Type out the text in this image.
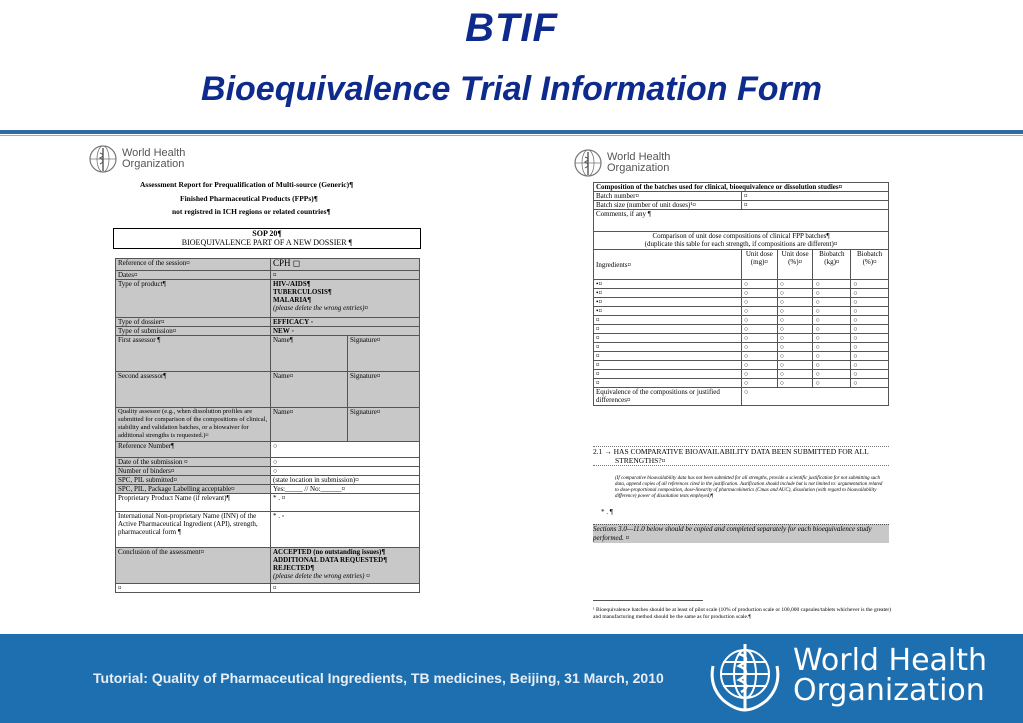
BTIF
Bioequivalence Trial Information Form
World Health
Organization
Assessment Report for Prequalification of Multi-source (Generic)¶
Finished Pharmaceutical Products (FPPs)¶
not registred in ICH regions or related countries¶
SOP 20¶
BIOEQUIVALENCE PART OF A NEW DOSSIER ¶
Reference of the session¤	CPH ◻	
Dates¤	¤	
Type of product¶	HIV-/AIDS¶
TUBERCULOSIS¶
MALARIA¶
(please delete the wrong entries)¤	

Type of dossier¤	EFFICACY ◦	
Type of submission¤	NEW ◦	
First assessor ¶	Name¶	Signature¤
Second assessor¶	Name¤	Signature¤
Quality assessor (e.g., when dissolution profiles are submitted for comparison of the compositions of clinical, stability and validation batches, or a biowaiver for additional strengths is requested.)¤	Name¤	Signature¤
Reference Number¶	○	
Date of the submission ¤	○	
Number of binders¤	○	
SPC, PIL submitted¤	(state location in submission)¤	
SPC, PIL, Package Labelling acceptable¤	Yes:_____ // No:______¤	
Proprietary Product Name (if relevant)¶	* . ¤	
International Non-proprietary Name (INN) of the Active Pharmaceutical Ingredient (API), strength, pharmaceutical form ¶	* . ◦	
Conclusion of the assessment¤	ACCEPTED (no outstanding issues)¶
ADDITIONAL DATA REQUESTED¶
REJECTED¶
(please delete the wrong entries) ¤	

¤	¤	
World Health
Organization
Composition of the batches used for clinical, bioequivalence or dissolution studies¤				
Batch number¤	¤			
Batch size (number of unit doses)¹¤	¤			
Comments, if any ¶				

Comparison of unit dose compositions of clinical FPP batches¶
(duplicate this table for each strength, if compositions are different)¤				

Ingredients¤	Unit dose (mg)¤	Unit dose (%)¤	Biobatch (kg)¤	Biobatch (%)¤
•¤	○	○	○	○
•¤	○	○	○	○
•¤	○	○	○	○
•¤	○	○	○	○
¤	○	○	○	○
¤	○	○	○	○
¤	○	○	○	○
¤	○	○	○	○
¤	○	○	○	○
¤	○	○	○	○
¤	○	○	○	○
¤	○	○	○	○
Equivalence of the compositions or justified differences¤	○			
2.1 → HAS COMPARATIVE BIOAVAILABILITY DATA BEEN SUBMITTED FOR ALL
STRENGTHS?¤
(If comparative bioavailability data has not been submitted for all strengths, provide a scientific justification for not submitting such data, append copies of all references cited in the justification. Justification should include but is not limited to: argumentation related to dose-proportional composition, dose-linearity of pharmacokinetics (Cmax and AUC), dissolution (with regard to bioavailability difference) power of dissolution tests employed)¶
* . ¶
Sections 3.0—11.0 below should be copied and completed separately for each bioequivalence study performed. ¤
¹ Bioequivalence batches should be at least of pilot scale (10% of production scale or 100,000 capsules/tablets whichever is the greater) and manufacturing method should be the same as for production scale.¶
Tutorial: Quality of Pharmaceutical Ingredients, TB medicines, Beijing, 31 March, 2010	World Health
Organization
